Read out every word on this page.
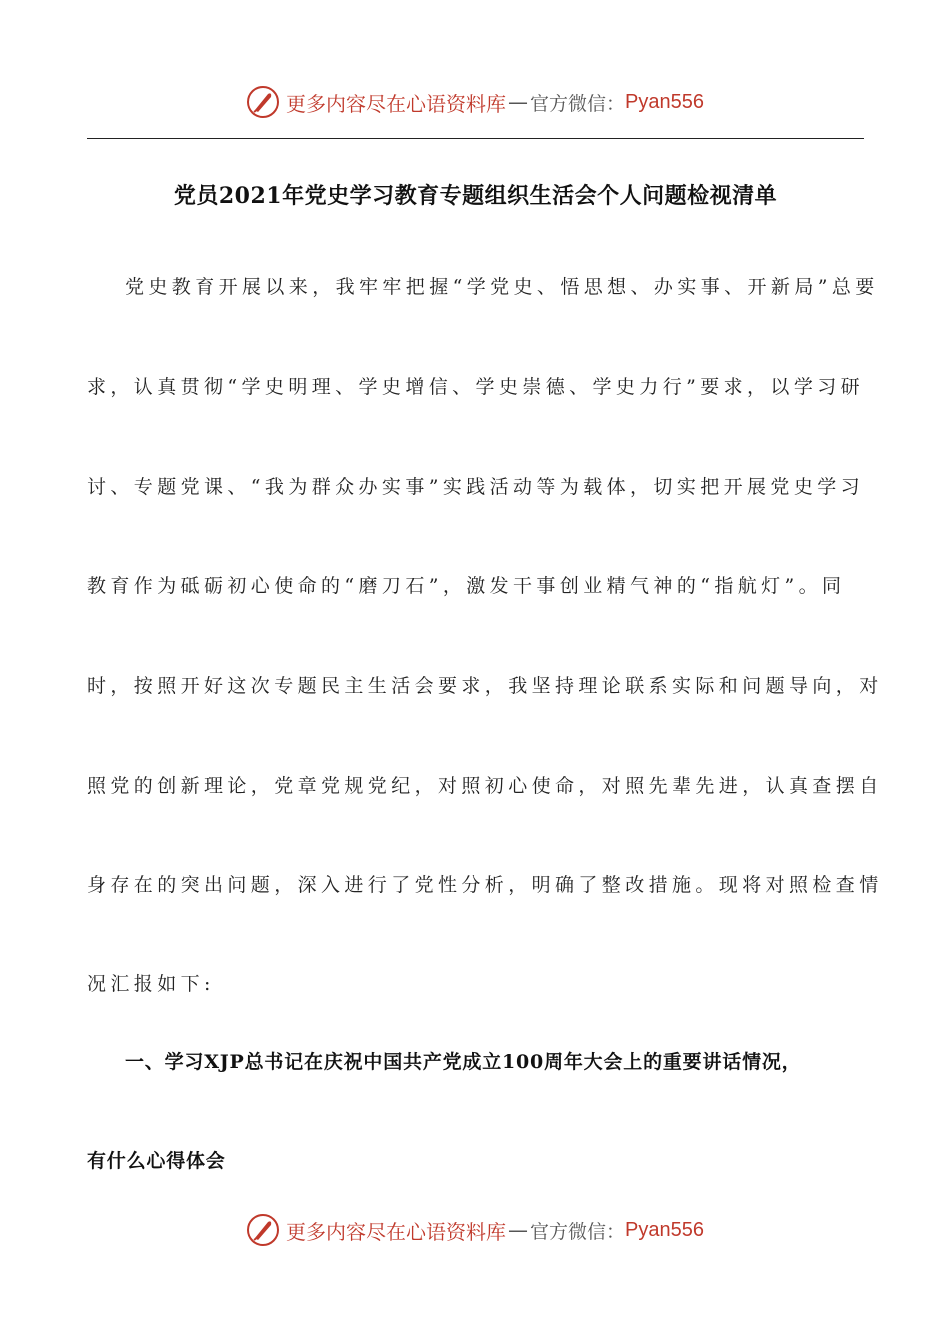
更多内容尽在心语资料库 — 官方微信： Pyan556
党员2021年党史学习教育专题组织生活会个人问题检视清单
党史教育开展以来，我牢牢把握“学党史、悟思想、办实事、开新局”总要
求，认真贯彻“学史明理、学史增信、学史崇德、学史力行”要求，以学习研
讨、专题党课、“我为群众办实事”实践活动等为载体，切实把开展党史学习
教育作为砥砺初心使命的“磨刀石”，激发干事创业精气神的“指航灯”。同
时，按照开好这次专题民主生活会要求，我坚持理论联系实际和问题导向，对
照党的创新理论，党章党规党纪，对照初心使命，对照先辈先进，认真查摆自
身存在的突出问题，深入进行了党性分析，明确了整改措施。现将对照检查情
况汇报如下:
一、学习XJP总书记在庆祝中国共产党成立100周年大会上的重要讲话情况，
有什么心得体会
更多内容尽在心语资料库 — 官方微信： Pyan556
